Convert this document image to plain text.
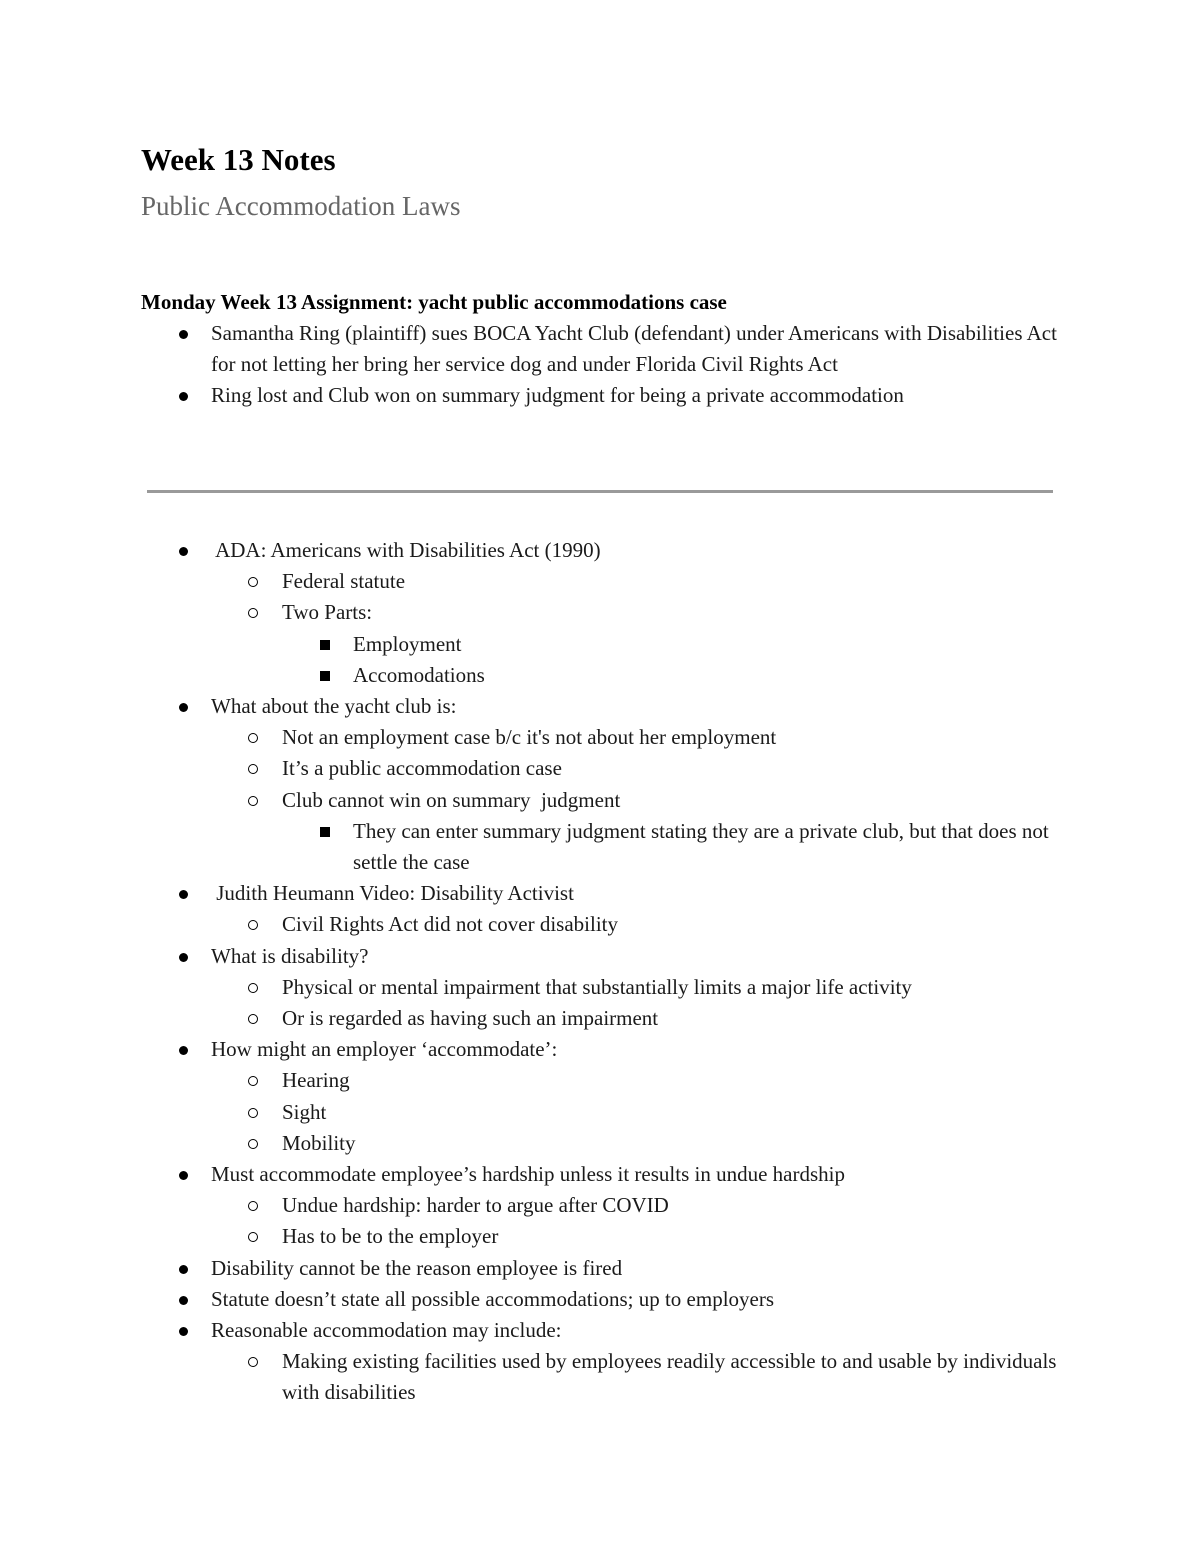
Week 13 Notes
Public Accommodation Laws
Monday Week 13 Assignment: yacht public accommodations case
Samantha Ring (plaintiff) sues BOCA Yacht Club (defendant) under Americans with Disabilities Act for not letting her bring her service dog and under Florida Civil Rights Act
Ring lost and Club won on summary judgment for being a private accommodation
ADA: Americans with Disabilities Act (1990)
Federal statute
Two Parts:
Employment
Accomodations
What about the yacht club is:
Not an employment case b/c it's not about her employment
It’s a public accommodation case
Club cannot win on summary  judgment
They can enter summary judgment stating they are a private club, but that does not settle the case
Judith Heumann Video: Disability Activist
Civil Rights Act did not cover disability
What is disability?
Physical or mental impairment that substantially limits a major life activity
Or is regarded as having such an impairment
How might an employer ‘accommodate’:
Hearing
Sight
Mobility
Must accommodate employee’s hardship unless it results in undue hardship
Undue hardship: harder to argue after COVID
Has to be to the employer
Disability cannot be the reason employee is fired
Statute doesn’t state all possible accommodations; up to employers
Reasonable accommodation may include:
Making existing facilities used by employees readily accessible to and usable by individuals with disabilities
